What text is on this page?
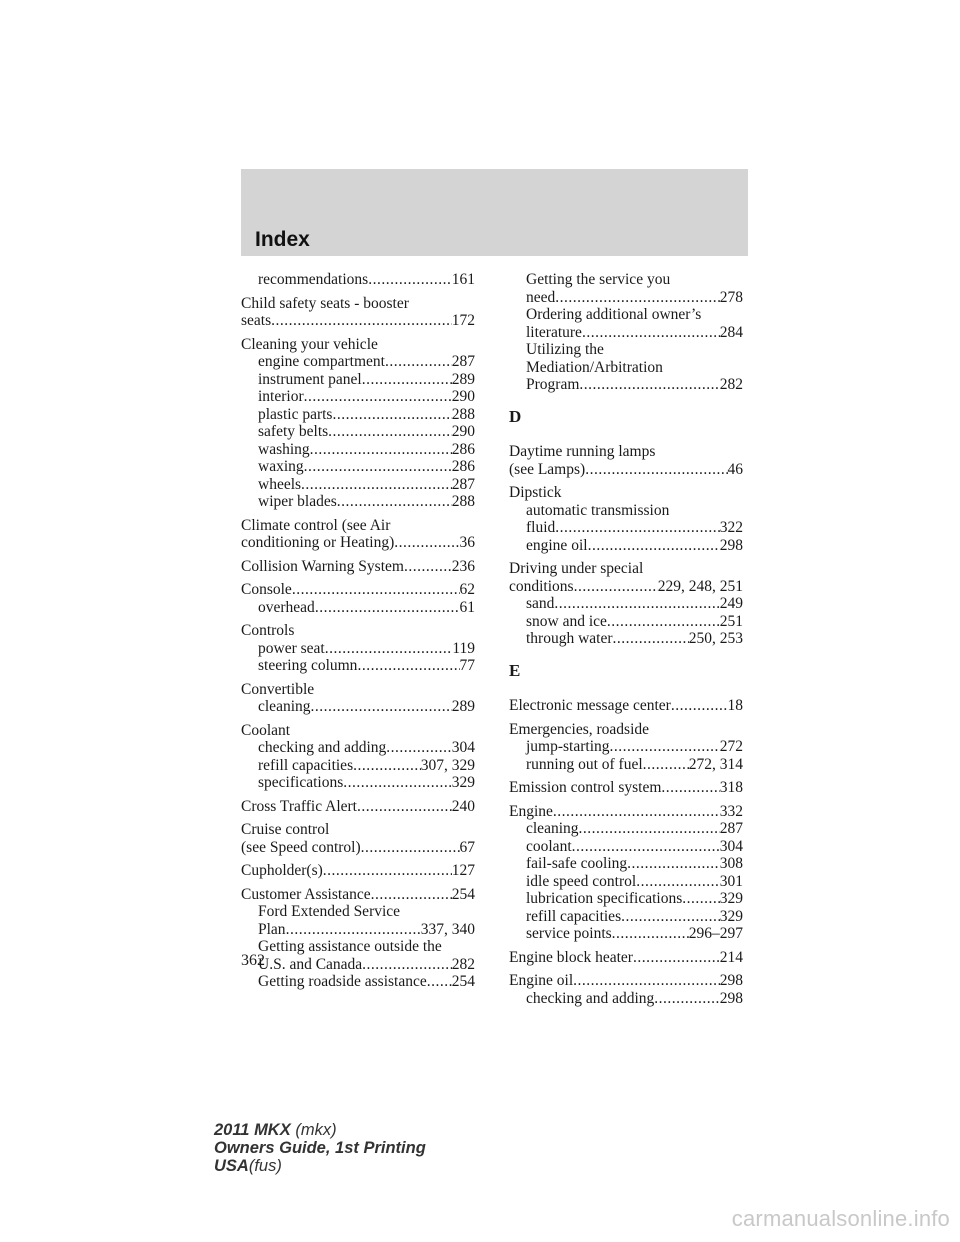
Index
recommendations .....	161
Child safety seats - booster
seats .....	172
Cleaning your vehicle
engine compartment .....	287
instrument panel .....	289
interior .....	290
plastic parts .....	288
safety belts .....	290
washing .....	286
waxing .....	286
wheels .....	287
wiper blades .....	288
Climate control (see Air
conditioning or Heating) .....	36
Collision Warning System .....	236
Console .....	62
overhead .....	61
Controls
power seat .....	119
steering column .....	77
Convertible
cleaning .....	289
Coolant
checking and adding .....	304
refill capacities .....	307, 329
specifications .....	329
Cross Traffic Alert .....	240
Cruise control
(see Speed control) .....	67
Cupholder(s) .....	127
Customer Assistance .....	254
Ford Extended Service
Plan .....	337, 340
Getting assistance outside the
U.S. and Canada .....	282
Getting roadside assistance ..... 254
Getting the service you
need .....	278
Ordering additional owner’s
literature .....	284
Utilizing the
Mediation/Arbitration
Program .....	282
D
Daytime running lamps
(see Lamps) .....	46
Dipstick
automatic transmission
fluid .....	322
engine oil .....	298
Driving under special
conditions .....	229, 248, 251
sand .....	249
snow and ice .....	251
through water .....	250, 253
E
Electronic message center .....	18
Emergencies, roadside
jump-starting .....	272
running out of fuel .....	272, 314
Emission control system .....	318
Engine .....	332
cleaning .....	287
coolant .....	304
fail-safe cooling .....	308
idle speed control .....	301
lubrication specifications ..... 329
refill capacities .....	329
service points .....	296–297
Engine block heater .....	214
Engine oil .....	298
checking and adding .....	298
362
2011 MKX (mkx)
Owners Guide, 1st Printing
USA(fus)
carmanualsonline.info
